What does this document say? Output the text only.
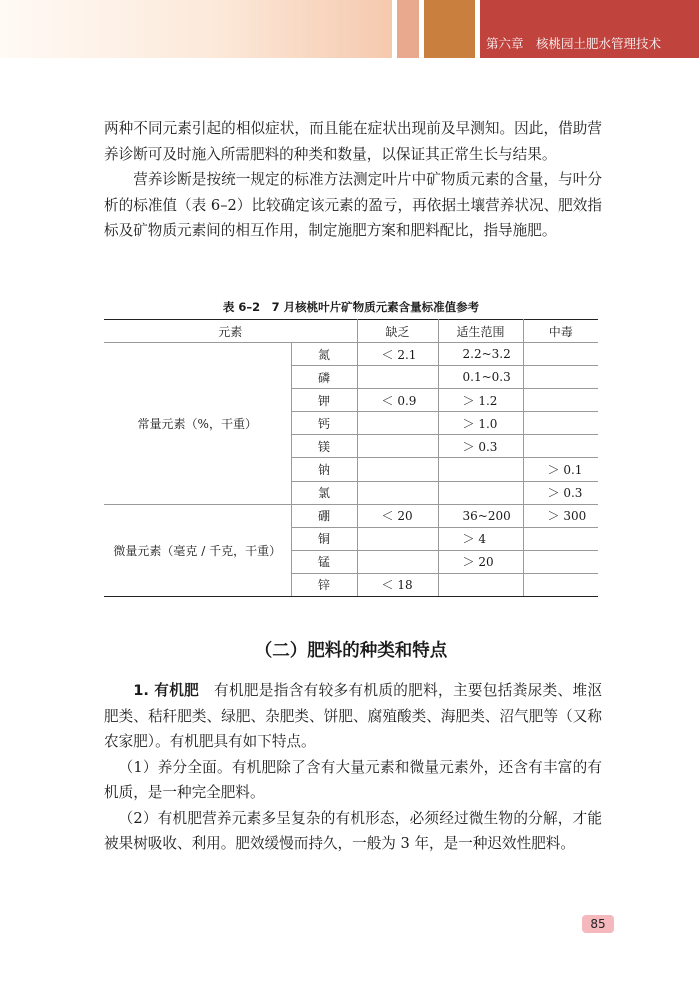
第六章　核桃园土肥水管理技术

两种不同元素引起的相似症状，而且能在症状出现前及早测知。因此，借助营养诊断可及时施入所需肥料的种类和数量，以保证其正常生长与结果。

营养诊断是按统一规定的标准方法测定叶片中矿物质元素的含量，与叶分析的标准值（表 6–2）比较确定该元素的盈亏，再依据土壤营养状况、肥效指标及矿物质元素间的相互作用，制定施肥方案和肥料配比，指导施肥。

表 6–2　7 月核桃叶片矿物质元素含量标准值参考
元素		缺乏	适生范围	中毒
常量元素（%，干重）	氮	＜ 2.1	2.2~3.2	
	磷		0.1~0.3	
	钾	＜ 0.9	＞ 1.2	
	钙		＞ 1.0	
	镁		＞ 0.3	
	钠			＞ 0.1
	氯			＞ 0.3
微量元素（毫克 / 千克，干重）	硼	＜ 20	36~200	＞ 300
	铜		＞ 4	
	锰		＞ 20	
	锌	＜ 18		
（二）肥料的种类和特点

1. 有机肥　 有机肥是指含有较多有机质的肥料，主要包括粪尿类、堆沤肥类、秸秆肥类、绿肥、杂肥类、饼肥、腐殖酸类、海肥类、沼气肥等（又称农家肥）。有机肥具有如下特点。

（1）养分全面。有机肥除了含有大量元素和微量元素外，还含有丰富的有机质，是一种完全肥料。

（2）有机肥营养元素多呈复杂的有机形态，必须经过微生物的分解，才能被果树吸收、利用。肥效缓慢而持久，一般为 3 年，是一种迟效性肥料。

85
